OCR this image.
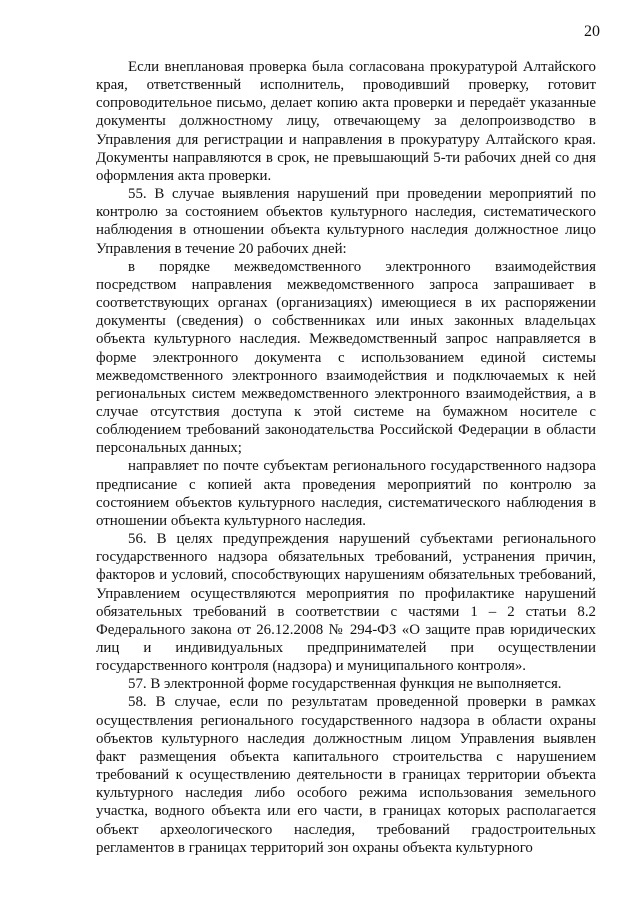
20

Если внеплановая проверка была согласована прокуратурой Алтайского края, ответственный исполнитель, проводивший проверку, готовит сопроводительное письмо, делает копию акта проверки и передаёт указанные документы должностному лицу, отвечающему за делопроизводство в Управления для регистрации и направления в прокуратуру Алтайского края. Документы направляются в срок, не превышающий 5-ти рабочих дней со дня оформления акта проверки.

55. В случае выявления нарушений при проведении мероприятий по контролю за состоянием объектов культурного наследия, систематического наблюдения в отношении объекта культурного наследия должностное лицо Управления в течение 20 рабочих дней:

в порядке межведомственного электронного взаимодействия посредством направления межведомственного запроса запрашивает в соответствующих органах (организациях) имеющиеся в их распоряжении документы (сведения) о собственниках или иных законных владельцах объекта культурного наследия. Межведомственный запрос направляется в форме электронного документа с использованием единой системы межведомственного электронного взаимодействия и подключаемых к ней региональных систем межведомственного электронного взаимодействия, а в случае отсутствия доступа к этой системе на бумажном носителе с соблюдением требований законодательства Российской Федерации в области персональных данных;

направляет по почте субъектам регионального государственного надзора предписание с копией акта проведения мероприятий по контролю за состоянием объектов культурного наследия, систематического наблюдения в отношении объекта культурного наследия.

56. В целях предупреждения нарушений субъектами регионального государственного надзора обязательных требований, устранения причин, факторов и условий, способствующих нарушениям обязательных требований, Управлением осуществляются мероприятия по профилактике нарушений обязательных требований в соответствии с частями 1 – 2 статьи 8.2 Федерального закона от 26.12.2008 № 294-ФЗ «О защите прав юридических лиц и индивидуальных предпринимателей при осуществлении государственного контроля (надзора) и муниципального контроля».

57. В электронной форме государственная функция не выполняется.

58. В случае, если по результатам проведенной проверки в рамках осуществления регионального государственного надзора в области охраны объектов культурного наследия должностным лицом Управления выявлен факт размещения объекта капитального строительства с нарушением требований к осуществлению деятельности в границах территории объекта культурного наследия либо особого режима использования земельного участка, водного объекта или его части, в границах которых располагается объект археологического наследия, требований градостроительных регламентов в границах территорий зон охраны объекта культурного
